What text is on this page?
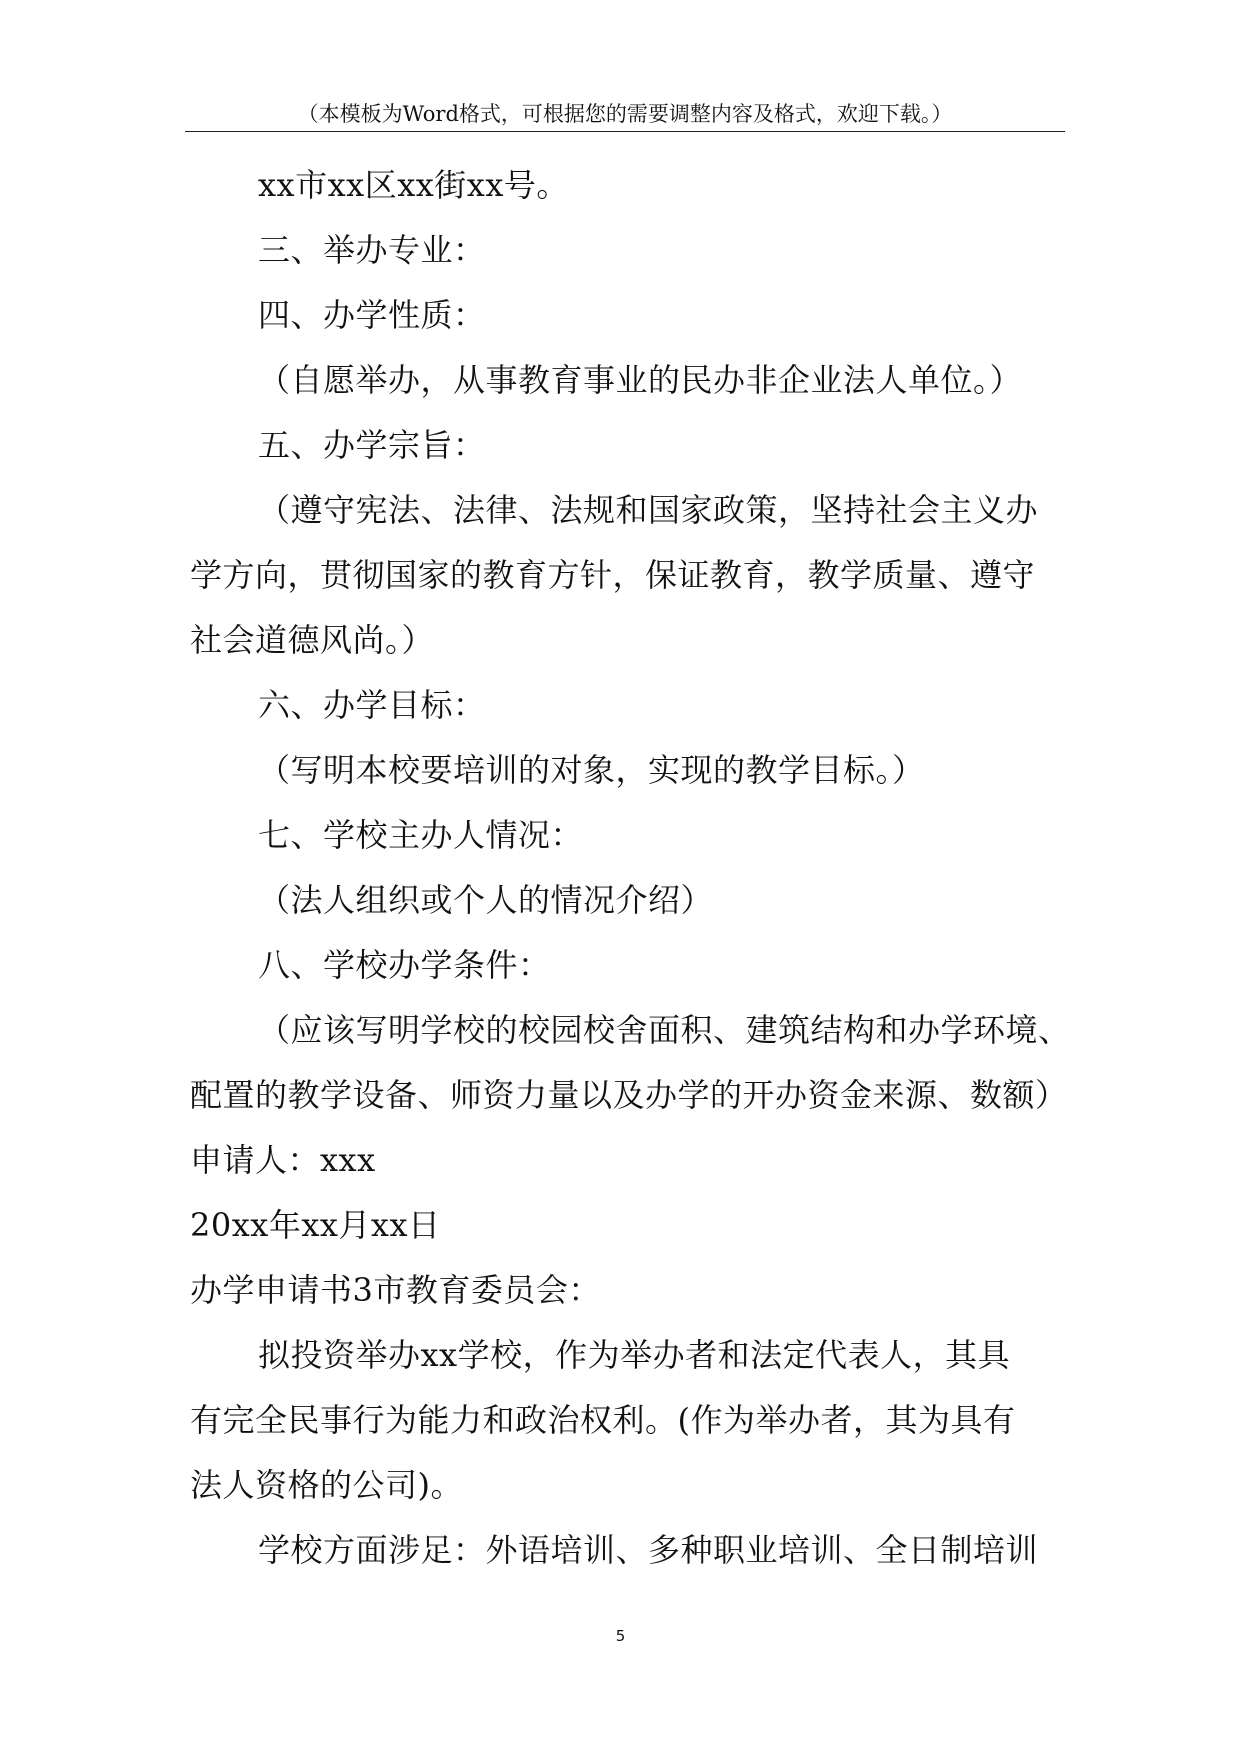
（本模板为Word格式，可根据您的需要调整内容及格式，欢迎下载。）
xx市xx区xx街xx号。
三、举办专业：
四、办学性质：
（自愿举办，从事教育事业的民办非企业法人单位。）
五、办学宗旨：
（遵守宪法、法律、法规和国家政策，坚持社会主义办
学方向，贯彻国家的教育方针，保证教育，教学质量、遵守
社会道德风尚。）
六、办学目标：
（写明本校要培训的对象，实现的教学目标。）
七、学校主办人情况：
（法人组织或个人的情况介绍）
八、学校办学条件：
（应该写明学校的校园校舍面积、建筑结构和办学环境、
配置的教学设备、师资力量以及办学的开办资金来源、数额）
申请人：xxx
20xx年xx月xx日
办学申请书3市教育委员会：
拟投资举办xx学校，作为举办者和法定代表人，其具
有完全民事行为能力和政治权利。(作为举办者，其为具有
法人资格的公司)。
学校方面涉足：外语培训、多种职业培训、全日制培训
5
